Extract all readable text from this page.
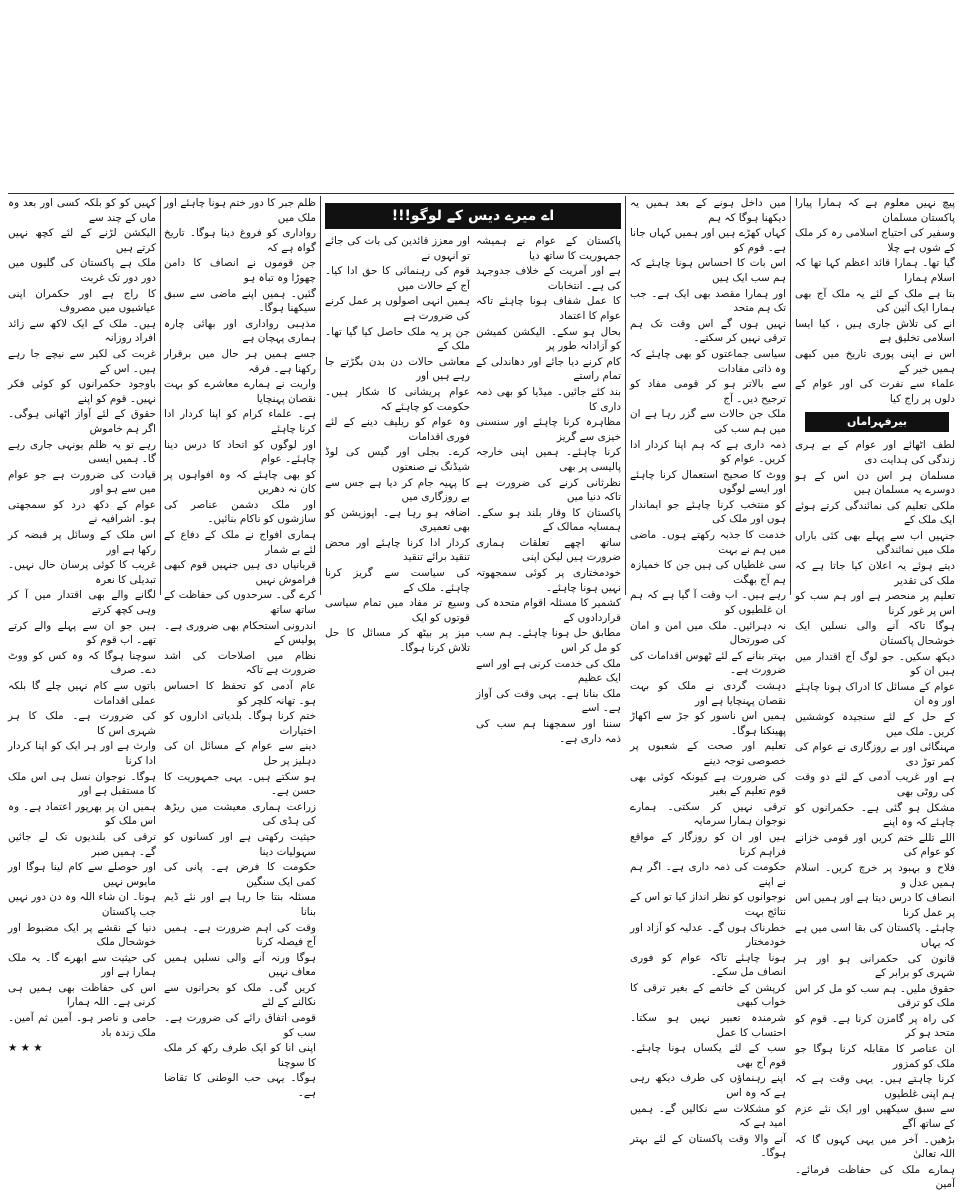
پیچ نہیں معلوم ہے کہ ہمارا پیارا پاکستان مسلمان

وسفیر کی احتیاج اسلامی رہ کر ملک کے شوں ہے چلا

گیا تھا۔ ہمارا قائد اعظم کہا تھا کہ اسلام ہمارا

بتا ہے ملک کے لئے یہ ملک آج بھی ہمارا ایک آئین کی

انے کی تلاش جاری ہیں ، کیا ایسا اسلامی تخلیق ہے

اس نے اپنی پوری تاریخ میں کبھی ہمیں خیر کے

علماء سے نفرت کی اور عوام کے دلوں پر راج کیا

بیرفہراماں

لطف اٹھائے اور عوام کے بے ہری زندگی کی ہدایت دی

مسلمان ہر اس دن اس کے ہو دوسرے یہ مسلمان ہیں

ملکی تعلیم کی نمائندگی کرتے ہوئے ایک ملک کے

جنہیں اب سے پہلے بھی کئی باراں ملک میں نمائندگی

دیتے ہوئے یہ اعلان کیا جاتا ہے کہ ملک کی تقدیر

تعلیم پر منحصر ہے اور ہم سب کو اس پر غور کرنا

ہوگا تاکہ آنے والی نسلیں ایک خوشحال پاکستان

دیکھ سکیں۔ جو لوگ آج اقتدار میں ہیں ان کو

عوام کے مسائل کا ادراک ہونا چاہئے اور وہ ان

کے حل کے لئے سنجیدہ کوششیں کریں۔ ملک میں

مہنگائی اور بے روزگاری نے عوام کی کمر توڑ دی

ہے اور غریب آدمی کے لئے دو وقت کی روٹی بھی

مشکل ہو گئی ہے۔ حکمرانوں کو چاہئے کہ وہ اپنے

اللے تللے ختم کریں اور قومی خزانے کو عوام کی

فلاح و بہبود پر خرچ کریں۔ اسلام ہمیں عدل و

انصاف کا درس دیتا ہے اور ہمیں اس پر عمل کرنا

چاہئے۔ پاکستان کی بقا اسی میں ہے کہ یہاں

قانون کی حکمرانی ہو اور ہر شہری کو برابر کے

حقوق ملیں۔ ہم سب کو مل کر اس ملک کو ترقی

کی راہ پر گامزن کرنا ہے۔ قوم کو متحد ہو کر

ان عناصر کا مقابلہ کرنا ہوگا جو ملک کو کمزور

کرنا چاہتے ہیں۔ یہی وقت ہے کہ ہم اپنی غلطیوں

سے سبق سیکھیں اور ایک نئے عزم کے ساتھ آگے

بڑھیں۔ آخر میں یہی کہوں گا کہ اللہ تعالیٰ

ہمارے ملک کی حفاظت فرمائے۔ آمین

میں داخل ہونے کے بعد ہمیں یہ دیکھنا ہوگا کہ ہم

کہاں کھڑے ہیں اور ہمیں کہاں جانا ہے۔ قوم کو

اس بات کا احساس ہونا چاہئے کہ ہم سب ایک ہیں

اور ہمارا مقصد بھی ایک ہے۔ جب تک ہم متحد

نہیں ہوں گے اس وقت تک ہم ترقی نہیں کر سکتے۔

سیاسی جماعتوں کو بھی چاہئے کہ وہ ذاتی مفادات

سے بالاتر ہو کر قومی مفاد کو ترجیح دیں۔ آج

ملک جن حالات سے گزر رہا ہے ان میں ہم سب کی

ذمہ داری ہے کہ ہم اپنا کردار ادا کریں۔ عوام کو

ووٹ کا صحیح استعمال کرنا چاہئے اور ایسے لوگوں

کو منتخب کرنا چاہئے جو ایماندار ہوں اور ملک کی

خدمت کا جذبہ رکھتے ہوں۔ ماضی میں ہم نے بہت

سی غلطیاں کی ہیں جن کا خمیازہ ہم آج بھگت

رہے ہیں۔ اب وقت آ گیا ہے کہ ہم ان غلطیوں کو

نہ دہرائیں۔ ملک میں امن و امان کی صورتحال

بہتر بنانے کے لئے ٹھوس اقدامات کی ضرورت ہے۔

دہشت گردی نے ملک کو بہت نقصان پہنچایا ہے اور

ہمیں اس ناسور کو جڑ سے اکھاڑ پھینکنا ہوگا۔

تعلیم اور صحت کے شعبوں پر خصوصی توجہ دینے

کی ضرورت ہے کیونکہ کوئی بھی قوم تعلیم کے بغیر

ترقی نہیں کر سکتی۔ ہمارے نوجوان ہمارا سرمایہ

ہیں اور ان کو روزگار کے مواقع فراہم کرنا

حکومت کی ذمہ داری ہے۔ اگر ہم نے اپنے

نوجوانوں کو نظر انداز کیا تو اس کے نتائج بہت

خطرناک ہوں گے۔ عدلیہ کو آزاد اور خودمختار

ہونا چاہئے تاکہ عوام کو فوری انصاف مل سکے۔

کرپشن کے خاتمے کے بغیر ترقی کا خواب کبھی

شرمندہ تعبیر نہیں ہو سکتا۔ احتساب کا عمل

سب کے لئے یکساں ہونا چاہئے۔ قوم آج بھی

اپنے رہنماؤں کی طرف دیکھ رہی ہے کہ وہ اس

کو مشکلات سے نکالیں گے۔ ہمیں امید ہے کہ

آنے والا وقت پاکستان کے لئے بہتر ہوگا۔

اے میرے دیس کے لوگو!!!

اور معزز قائدین کی بات کی جائے تو انہوں نے

قوم کی رہنمائی کا حق ادا کیا۔ آج کے حالات میں

ہمیں انہی اصولوں پر عمل کرنے کی ضرورت ہے

جن پر یہ ملک حاصل کیا گیا تھا۔ ملک کے

معاشی حالات دن بدن بگڑتے جا رہے ہیں اور

عوام پریشانی کا شکار ہیں۔ حکومت کو چاہئے کہ

وہ عوام کو ریلیف دینے کے لئے فوری اقدامات

کرے۔ بجلی اور گیس کی لوڈ شیڈنگ نے صنعتوں

کا پہیہ جام کر دیا ہے جس سے بے روزگاری میں

اضافہ ہو رہا ہے۔ اپوزیشن کو بھی تعمیری

کردار ادا کرنا چاہئے اور محض تنقید برائے تنقید

کی سیاست سے گریز کرنا چاہئے۔ ملک کے

وسیع تر مفاد میں تمام سیاسی قوتوں کو ایک

میز پر بیٹھ کر مسائل کا حل تلاش کرنا ہوگا۔

پاکستان کے عوام نے ہمیشہ جمہوریت کا ساتھ دیا

ہے اور آمریت کے خلاف جدوجہد کی ہے۔ انتخابات

کا عمل شفاف ہونا چاہئے تاکہ عوام کا اعتماد

بحال ہو سکے۔ الیکشن کمیشن کو آزادانہ طور پر

کام کرنے دیا جائے اور دھاندلی کے تمام راستے

بند کئے جائیں۔ میڈیا کو بھی ذمہ داری کا

مظاہرہ کرنا چاہئے اور سنسنی خیزی سے گریز

کرنا چاہئے۔ ہمیں اپنی خارجہ پالیسی پر بھی

نظرثانی کرنے کی ضرورت ہے تاکہ دنیا میں

پاکستان کا وقار بلند ہو سکے۔ ہمسایہ ممالک کے

ساتھ اچھے تعلقات ہماری ضرورت ہیں لیکن اپنی

خودمختاری پر کوئی سمجھوتہ نہیں ہونا چاہئے۔

کشمیر کا مسئلہ اقوام متحدہ کی قراردادوں کے

مطابق حل ہونا چاہئے۔ ہم سب کو مل کر اس

ملک کی خدمت کرنی ہے اور اسے ایک عظیم

ملک بنانا ہے۔ یہی وقت کی آواز ہے۔ اسے

سننا اور سمجھنا ہم سب کی ذمہ داری ہے۔

ظلم جبر کا دور ختم ہونا چاہئے اور ملک میں

رواداری کو فروغ دینا ہوگا۔ تاریخ گواہ ہے کہ

جن قوموں نے انصاف کا دامن چھوڑا وہ تباہ ہو

گئیں۔ ہمیں اپنے ماضی سے سبق سیکھنا ہوگا۔

مذہبی رواداری اور بھائی چارہ ہماری پہچان ہے

جسے ہمیں ہر حال میں برقرار رکھنا ہے۔ فرقہ

واریت نے ہمارے معاشرے کو بہت نقصان پہنچایا

ہے۔ علماء کرام کو اپنا کردار ادا کرنا چاہئے

اور لوگوں کو اتحاد کا درس دینا چاہئے۔ عوام

کو بھی چاہئے کہ وہ افواہوں پر کان نہ دھریں

اور ملک دشمن عناصر کی سازشوں کو ناکام بنائیں۔

ہماری افواج نے ملک کے دفاع کے لئے بے شمار

قربانیاں دی ہیں جنہیں قوم کبھی فراموش نہیں

کرے گی۔ سرحدوں کی حفاظت کے ساتھ ساتھ

اندرونی استحکام بھی ضروری ہے۔ پولیس کے

نظام میں اصلاحات کی اشد ضرورت ہے تاکہ

عام آدمی کو تحفظ کا احساس ہو۔ تھانہ کلچر کو

ختم کرنا ہوگا۔ بلدیاتی اداروں کو اختیارات

دینے سے عوام کے مسائل ان کی دہلیز پر حل

ہو سکتے ہیں۔ یہی جمہوریت کا حسن ہے۔

زراعت ہماری معیشت میں ریڑھ کی ہڈی کی

حیثیت رکھتی ہے اور کسانوں کو سہولیات دینا

حکومت کا فرض ہے۔ پانی کی کمی ایک سنگین

مسئلہ بنتا جا رہا ہے اور نئے ڈیم بنانا

وقت کی اہم ضرورت ہے۔ ہمیں آج فیصلہ کرنا

ہوگا ورنہ آنے والی نسلیں ہمیں معاف نہیں

کریں گی۔ ملک کو بحرانوں سے نکالنے کے لئے

قومی اتفاق رائے کی ضرورت ہے۔ سب کو

اپنی انا کو ایک طرف رکھ کر ملک کا سوچنا

ہوگا۔ یہی حب الوطنی کا تقاضا ہے۔

کہیں کو کو بلکہ کسی اور بعد وہ ماں کے چند سے

الیکشن لڑنے کے لئے کچھ نہیں کرتے ہیں

ملک ہے پاکستان کی گلیوں میں دور دور تک غربت

کا راج ہے اور حکمران اپنی عیاشیوں میں مصروف

ہیں۔ ملک کے ایک لاکھ سے زائد افراد روزانہ

غربت کی لکیر سے نیچے جا رہے ہیں۔ اس کے

باوجود حکمرانوں کو کوئی فکر نہیں۔ قوم کو اپنے

حقوق کے لئے آواز اٹھانی ہوگی۔ اگر ہم خاموش

رہے تو یہ ظلم یونہی جاری رہے گا۔ ہمیں ایسی

قیادت کی ضرورت ہے جو عوام میں سے ہو اور

عوام کے دکھ درد کو سمجھتی ہو۔ اشرافیہ نے

اس ملک کے وسائل پر قبضہ کر رکھا ہے اور

غریب کا کوئی پرسان حال نہیں۔ تبدیلی کا نعرہ

لگانے والے بھی اقتدار میں آ کر وہی کچھ کرتے

ہیں جو ان سے پہلے والے کرتے تھے۔ اب قوم کو

سوچنا ہوگا کہ وہ کس کو ووٹ دے۔ صرف

باتوں سے کام نہیں چلے گا بلکہ عملی اقدامات

کی ضرورت ہے۔ ملک کا ہر شہری اس کا

وارث ہے اور ہر ایک کو اپنا کردار ادا کرنا

ہوگا۔ نوجوان نسل ہی اس ملک کا مستقبل ہے اور

ہمیں ان پر بھرپور اعتماد ہے۔ وہ اس ملک کو

ترقی کی بلندیوں تک لے جائیں گے۔ ہمیں صبر

اور حوصلے سے کام لینا ہوگا اور مایوس نہیں

ہونا۔ ان شاء اللہ وہ دن دور نہیں جب پاکستان

دنیا کے نقشے پر ایک مضبوط اور خوشحال ملک

کی حیثیت سے ابھرے گا۔ یہ ملک ہمارا ہے اور

اس کی حفاظت بھی ہمیں ہی کرنی ہے۔ اللہ ہمارا

حامی و ناصر ہو۔ آمین ثم آمین۔ ملک زندہ باد

★ ★ ★
